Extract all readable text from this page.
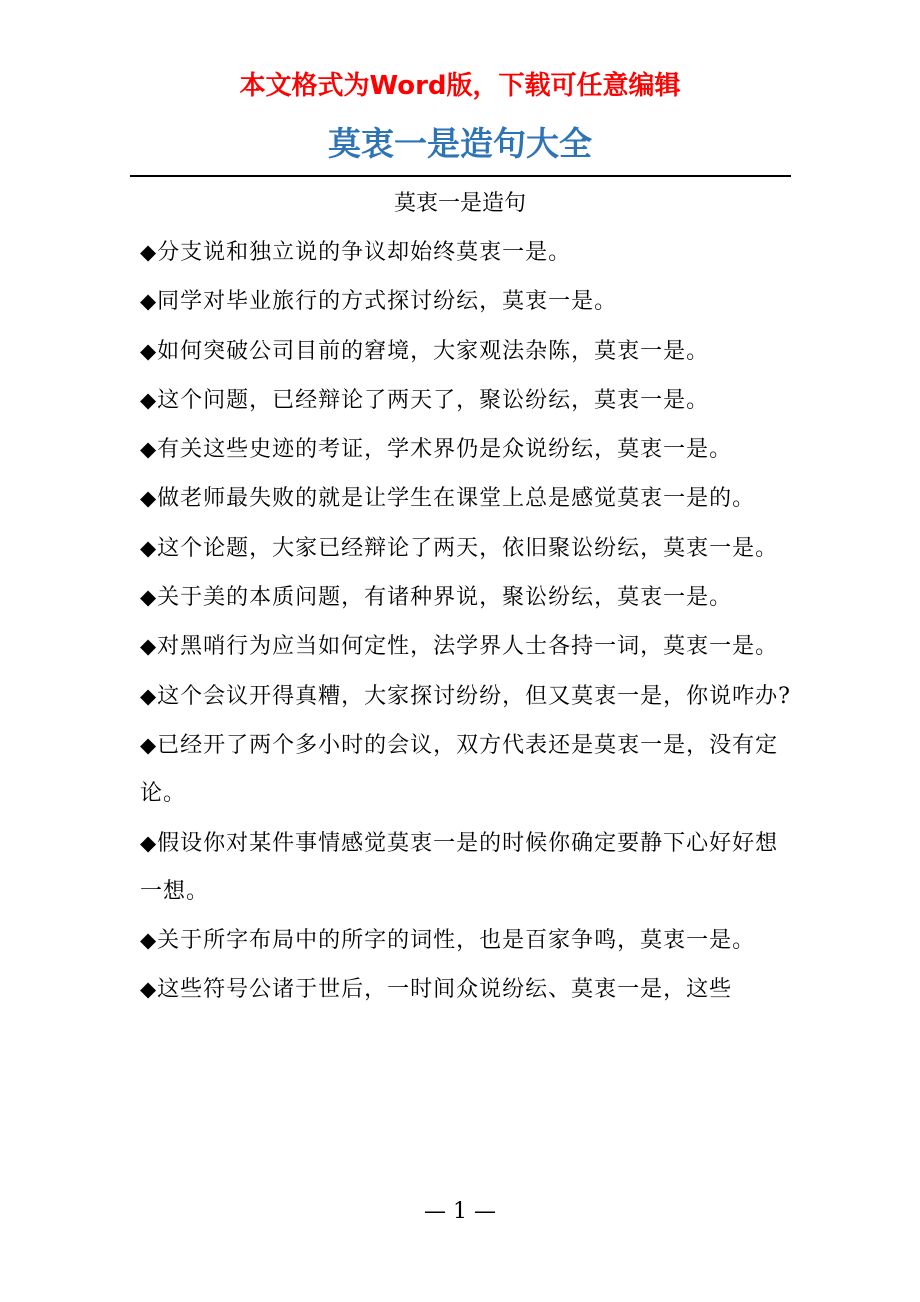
本文格式为Word版，下载可任意编辑
莫衷一是造句大全
莫衷一是造句

◆分支说和独立说的争议却始终莫衷一是。

◆同学对毕业旅行的方式探讨纷纭，莫衷一是。

◆如何突破公司目前的窘境，大家观法杂陈，莫衷一是。

◆这个问题，已经辩论了两天了，聚讼纷纭，莫衷一是。

◆有关这些史迹的考证，学术界仍是众说纷纭，莫衷一是。

◆做老师最失败的就是让学生在课堂上总是感觉莫衷一是的。

◆这个论题，大家已经辩论了两天，依旧聚讼纷纭，莫衷一是。

◆关于美的本质问题，有诸种界说，聚讼纷纭，莫衷一是。

◆对黑哨行为应当如何定性，法学界人士各持一词，莫衷一是。

◆这个会议开得真糟，大家探讨纷纷，但又莫衷一是，你说咋办?

◆已经开了两个多小时的会议，双方代表还是莫衷一是，没有定论。

◆假设你对某件事情感觉莫衷一是的时候你确定要静下心好好想一想。

◆关于所字布局中的所字的词性，也是百家争鸣，莫衷一是。

◆这些符号公诸于世后，一时间众说纷纭、莫衷一是，这些

— 1 —
